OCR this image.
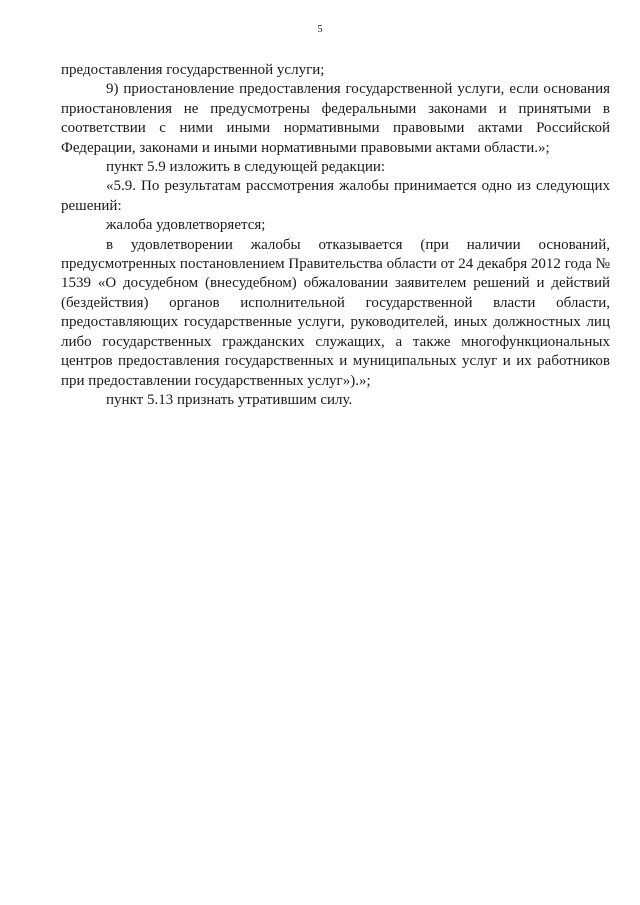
5

предоставления государственной услуги;

9) приостановление предоставления государственной услуги, если основания приостановления не предусмотрены федеральными законами и принятыми в соответствии с ними иными нормативными правовыми актами Российской Федерации, законами и иными нормативными правовыми актами области.»;

пункт 5.9 изложить в следующей редакции:

«5.9. По результатам рассмотрения жалобы принимается одно из следующих решений:

жалоба удовлетворяется;

в удовлетворении жалобы отказывается (при наличии оснований, предусмотренных постановлением Правительства области от 24 декабря 2012 года № 1539 «О досудебном (внесудебном) обжаловании заявителем решений и действий (бездействия) органов исполнительной государственной власти области, предоставляющих государственные услуги, руководителей, иных должностных лиц либо государственных гражданских служащих, а также многофункциональных центров предоставления государственных и муниципальных услуг и их работников при предоставлении государственных услуг»).»;

пункт 5.13 признать утратившим силу.
